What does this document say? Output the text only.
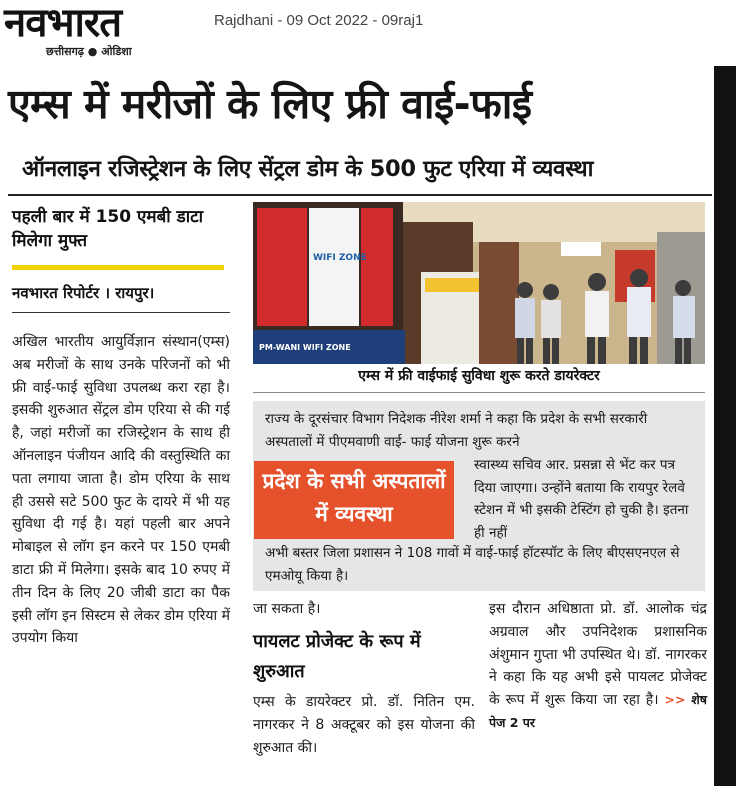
नवभारत
छत्तीसगढ़ ● ओडिशा
Rajdhani - 09 Oct 2022 - 09raj1
एम्स में मरीजों के लिए फ्री वाई-फाई
ऑनलाइन रजिस्ट्रेशन के लिए सेंट्रल डोम के 500 फुट एरिया में व्यवस्था
पहली बार में 150 एमबी डाटा मिलेगा मुफ्त
नवभारत रिपोर्टर । रायपुर।
अखिल भारतीय आयुर्विज्ञान संस्थान(एम्स) अब मरीजों के साथ उनके परिजनों को भी फ्री वाई-फाई सुविधा उपलब्ध करा रहा है। इसकी शुरुआत सेंट्रल डोम एरिया से की गई है, जहां मरीजों का रजिस्ट्रेशन के साथ ही ऑनलाइन पंजीयन आदि की वस्तुस्थिति का पता लगाया जाता है। डोम एरिया के साथ ही उससे सटे 500 फुट के दायरे में भी यह सुविधा दी गई है। यहां पहली बार अपने मोबाइल से लॉग इन करने पर 150 एमबी डाटा फ्री में मिलेगा। इसके बाद 10 रुपए में तीन दिन के लिए 20 जीबी डाटा का पैक इसी लॉग इन सिस्टम से लेकर डोम एरिया में उपयोग किया
WIFI ZONE
PM-WANI WIFI ZONE
एम्स में फ्री वाईफाई सुविधा शुरू करते डायरेक्टर
राज्य के दूरसंचार विभाग निदेशक नीरेश शर्मा ने कहा कि प्रदेश के सभी सरकारी अस्पतालों में पीएमवाणी वाई- फाई योजना शुरू करने
प्रदेश के सभी अस्पतालों में व्यवस्था
स्वास्थ्य सचिव आर. प्रसन्ना से भेंट कर पत्र दिया जाएगा। उन्होंने बताया कि रायपुर रेलवे स्टेशन में भी इसकी टेस्टिंग हो चुकी है। इतना ही नहीं
अभी बस्तर जिला प्रशासन ने 108 गावों में वाई-फाई हॉटस्पॉट के लिए बीएसएनएल से एमओयू किया है।
जा सकता है।
पायलट प्रोजेक्ट के रूप में शुरुआत
एम्स के डायरेक्टर प्रो. डॉ. नितिन एम. नागरकर ने 8 अक्टूबर को इस योजना की शुरुआत की।
इस दौरान अधिष्ठाता प्रो. डॉ. आलोक चंद्र अग्रवाल और उपनिदेशक प्रशासनिक अंशुमान गुप्ता भी उपस्थित थे। डॉ. नागरकर ने कहा कि यह अभी इसे पायलट प्रोजेक्ट के रूप में शुरू किया जा रहा है। >> शेष पेज 2 पर
